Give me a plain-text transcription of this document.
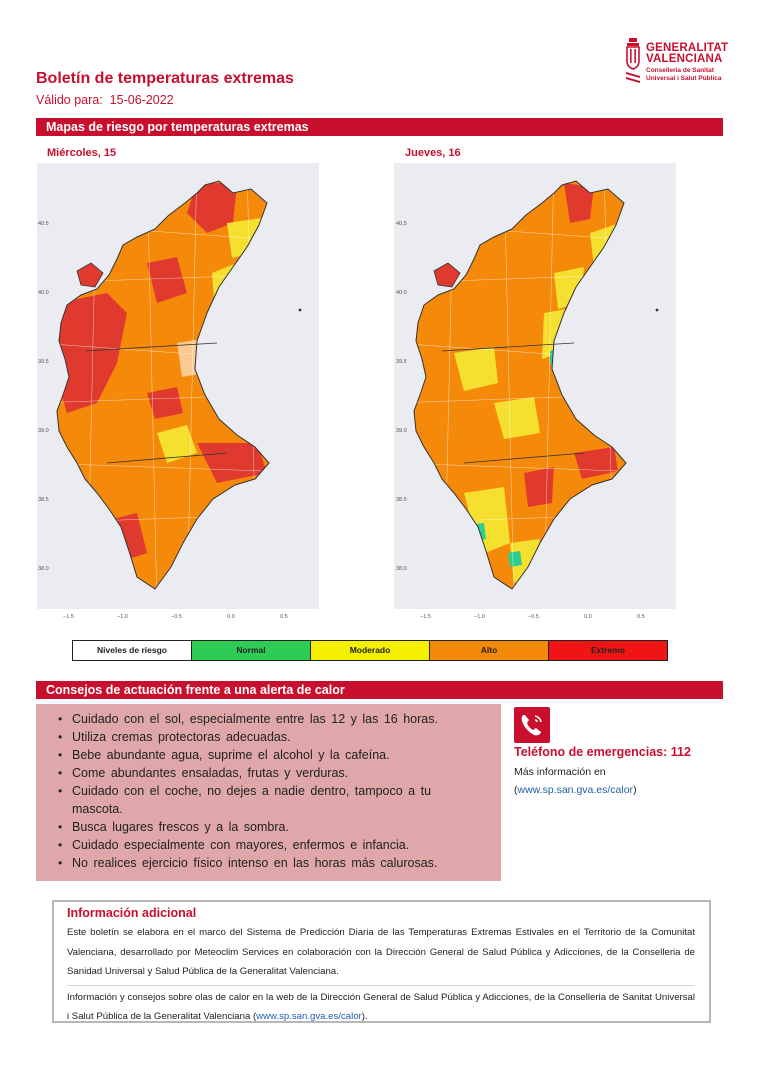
GENERALITAT
VALENCIANA
Conselleria de Sanitat
Universal i Salut Pública
Boletín de temperaturas extremas
Válido para: 15-06-2022
Mapas de riesgo por temperaturas extremas
Miércoles, 15	Jueves, 16
40.5
40.0
39.5
39.0
38.5
38.0
−1.5	−1.0	−0.5	0.0	0.5
40.5
40.0
39.5
39.0
38.5
38.0
−1.5	−1.0	−0.5	0.0	0.5
Niveles de riesgo	Normal	Moderado	Alto	Extremo
Consejos de actuación frente a una alerta de calor
• Cuidado con el sol, especialmente entre las 12 y las 16 horas.
• Utiliza cremas protectoras adecuadas.
• Bebe abundante agua, suprime el alcohol y la cafeína.
• Come abundantes ensaladas, frutas y verduras.
• Cuidado con el coche, no dejes a nadie dentro, tampoco a tu mascota.
• Busca lugares frescos y a la sombra.
• Cuidado especialmente con mayores, enfermos e infancia.
• No realices ejercicio físico intenso en las horas más calurosas.
Teléfono de emergencias: 112
Más información en
(www.sp.san.gva.es/calor)
Información adicional
Este boletín se elabora en el marco del Sistema de Predicción Diaria de las Temperaturas Extremas Estivales en el Territorio de la Comunitat Valenciana, desarrollado por Meteoclim Services en colaboración con la Dirección General de Salud Pública y Adicciones, de la Conselleria de Sanidad Universal y Salud Pública de la Generalitat Valenciana.
Información y consejos sobre olas de calor en la web de la Dirección General de Salud Pública y Adicciones, de la Conselleria de Sanitat Universal i Salut Pública de la Generalitat Valenciana (www.sp.san.gva.es/calor).
